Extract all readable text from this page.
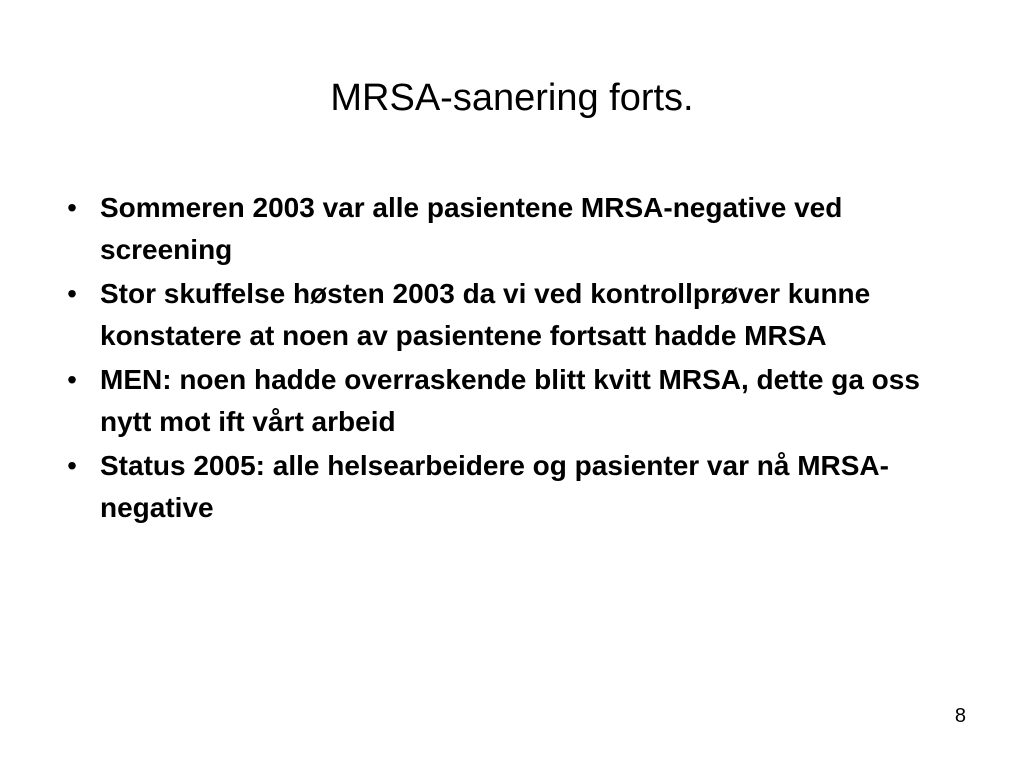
MRSA-sanering forts.
• Sommeren 2003 var alle pasientene MRSA-negative ved screening
• Stor skuffelse høsten 2003 da vi ved kontrollprøver kunne konstatere at noen av pasientene fortsatt hadde MRSA
• MEN: noen hadde overraskende blitt kvitt MRSA, dette ga oss nytt mot ift vårt arbeid
• Status 2005: alle helsearbeidere og pasienter var nå MRSA-negative
8
